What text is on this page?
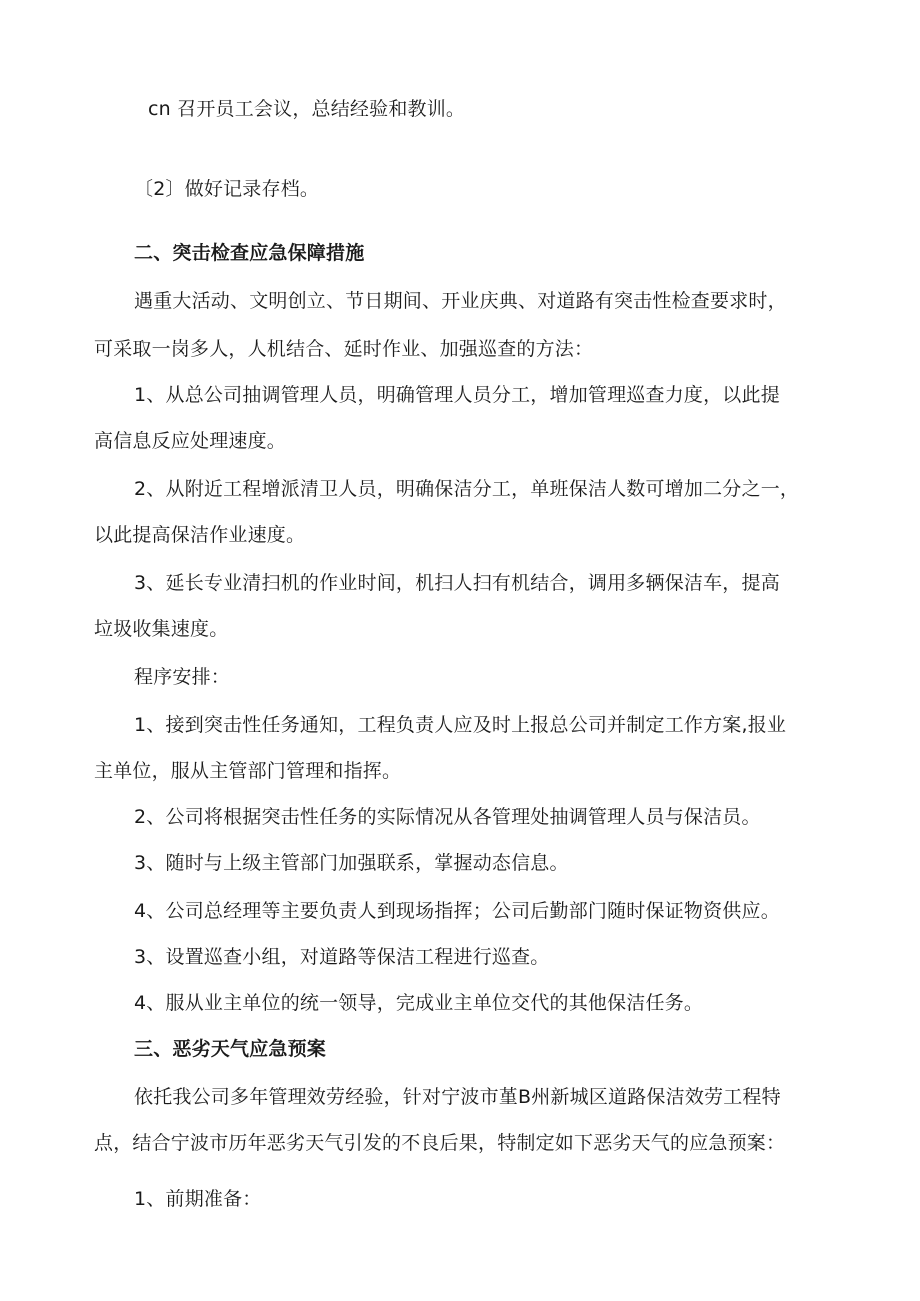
cn 召开员工会议，总结经验和教训。
〔2〕做好记录存档。
二、突击检查应急保障措施
遇重大活动、文明创立、节日期间、开业庆典、对道路有突击性检查要求时，
可采取一岗多人，人机结合、延时作业、加强巡查的方法：
1、从总公司抽调管理人员，明确管理人员分工，增加管理巡查力度，以此提
高信息反应处理速度。
2、从附近工程增派清卫人员，明确保洁分工，单班保洁人数可增加二分之一，
以此提高保洁作业速度。
3、延长专业清扫机的作业时间，机扫人扫有机结合，调用多辆保洁车，提高
垃圾收集速度。
程序安排：
1、接到突击性任务通知，工程负责人应及时上报总公司并制定工作方案,报业
主单位，服从主管部门管理和指挥。
2、公司将根据突击性任务的实际情况从各管理处抽调管理人员与保洁员。
3、随时与上级主管部门加强联系，掌握动态信息。
4、公司总经理等主要负责人到现场指挥；公司后勤部门随时保证物资供应。
3、设置巡查小组，对道路等保洁工程进行巡查。
4、服从业主单位的统一领导，完成业主单位交代的其他保洁任务。
三、恶劣天气应急预案
依托我公司多年管理效劳经验，针对宁波市堇B州新城区道路保洁效劳工程特
点，结合宁波市历年恶劣天气引发的不良后果，特制定如下恶劣天气的应急预案：
1、前期准备：
